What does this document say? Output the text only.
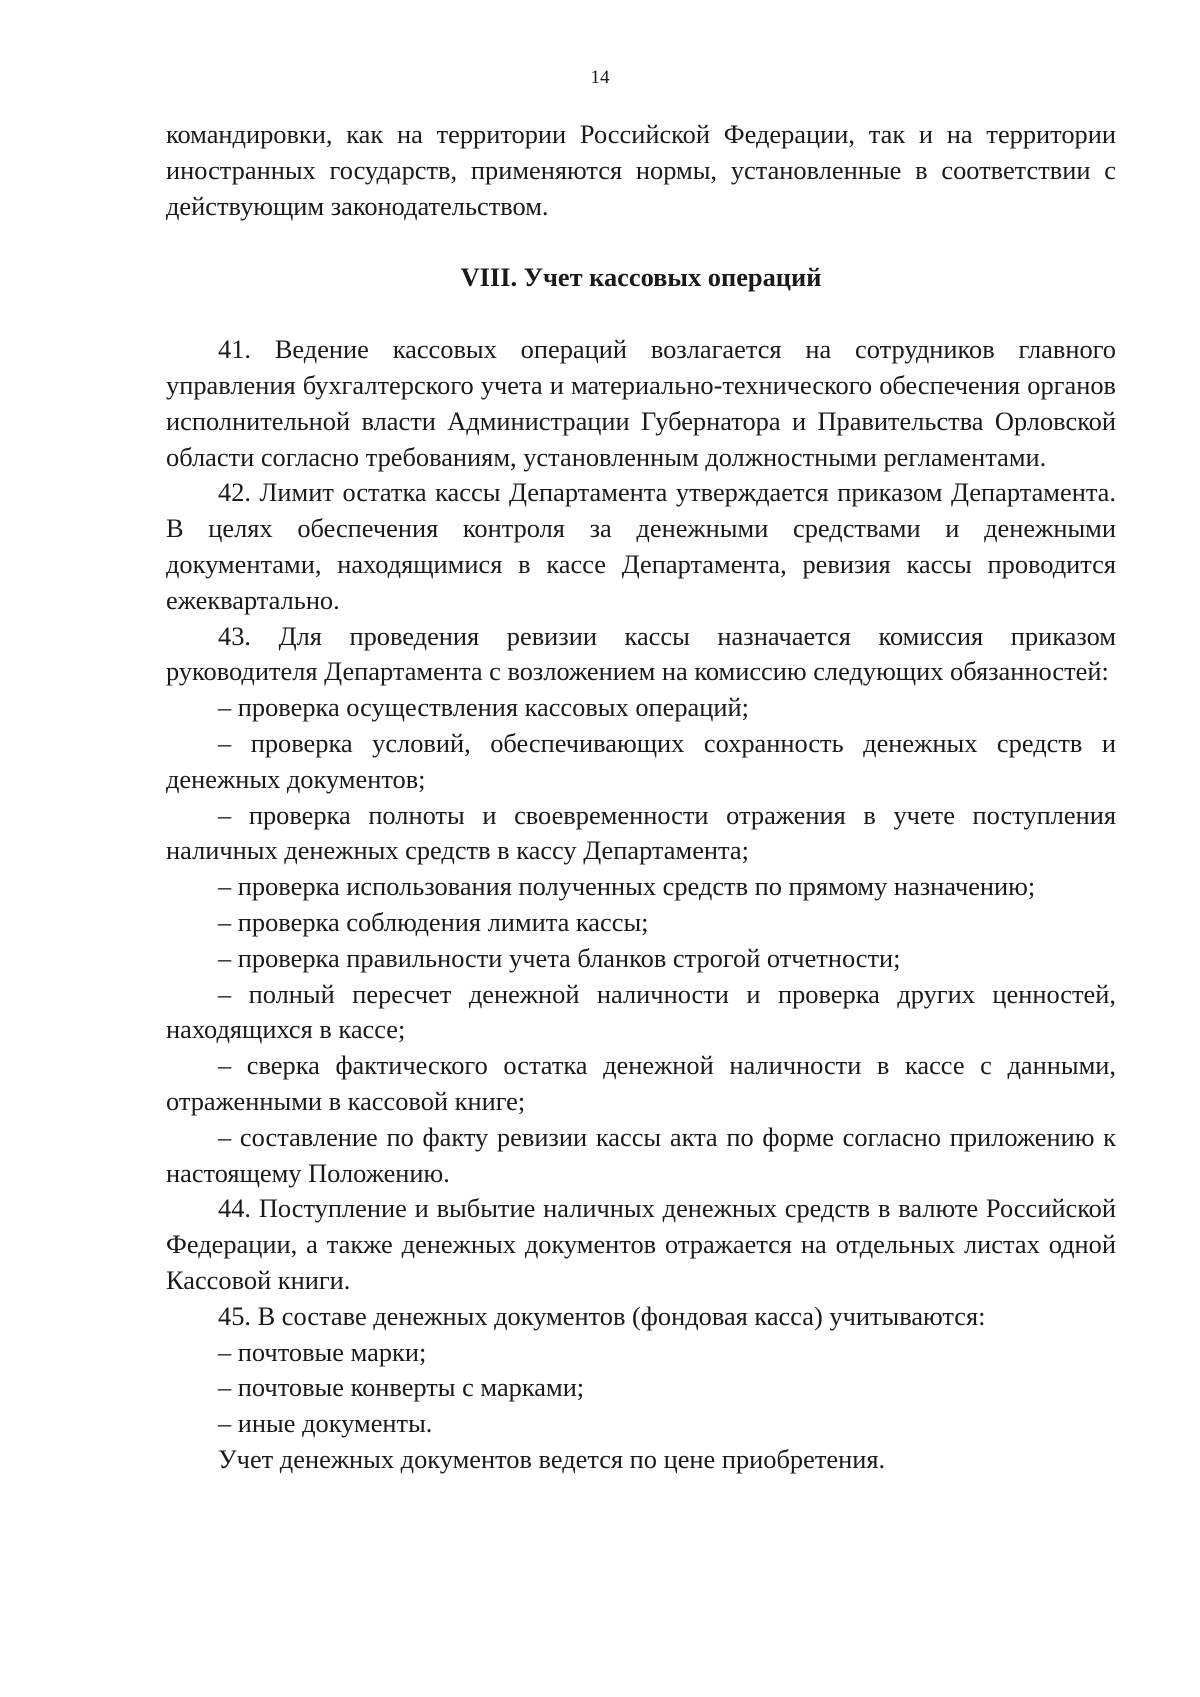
14

командировки, как на территории Российской Федерации, так и на территории иностранных государств, применяются нормы, установленные в соответствии с действующим законодательством.

VIII. Учет кассовых операций

41. Ведение кассовых операций возлагается на сотрудников главного управления бухгалтерского учета и материально-технического обеспечения органов исполнительной власти Администрации Губернатора и Правительства Орловской области согласно требованиям, установленным должностными регламентами.

42. Лимит остатка кассы Департамента утверждается приказом Департамента. В целях обеспечения контроля за денежными средствами и денежными документами, находящимися в кассе Департамента, ревизия кассы проводится ежеквартально.

43. Для проведения ревизии кассы назначается комиссия приказом руководителя Департамента с возложением на комиссию следующих обязанностей:

– проверка осуществления кассовых операций;

– проверка условий, обеспечивающих сохранность денежных средств и денежных документов;

– проверка полноты и своевременности отражения в учете поступления наличных денежных средств в кассу Департамента;

– проверка использования полученных средств по прямому назначению;

– проверка соблюдения лимита кассы;

– проверка правильности учета бланков строгой отчетности;

– полный пересчет денежной наличности и проверка других ценностей, находящихся в кассе;

– сверка фактического остатка денежной наличности в кассе с данными, отраженными в кассовой книге;

– составление по факту ревизии кассы акта по форме согласно приложению к настоящему Положению.

44. Поступление и выбытие наличных денежных средств в валюте Российской Федерации, а также денежных документов отражается на отдельных листах одной Кассовой книги.

45. В составе денежных документов (фондовая касса) учитываются:

– почтовые марки;

– почтовые конверты с марками;

– иные документы.

Учет денежных документов ведется по цене приобретения.
